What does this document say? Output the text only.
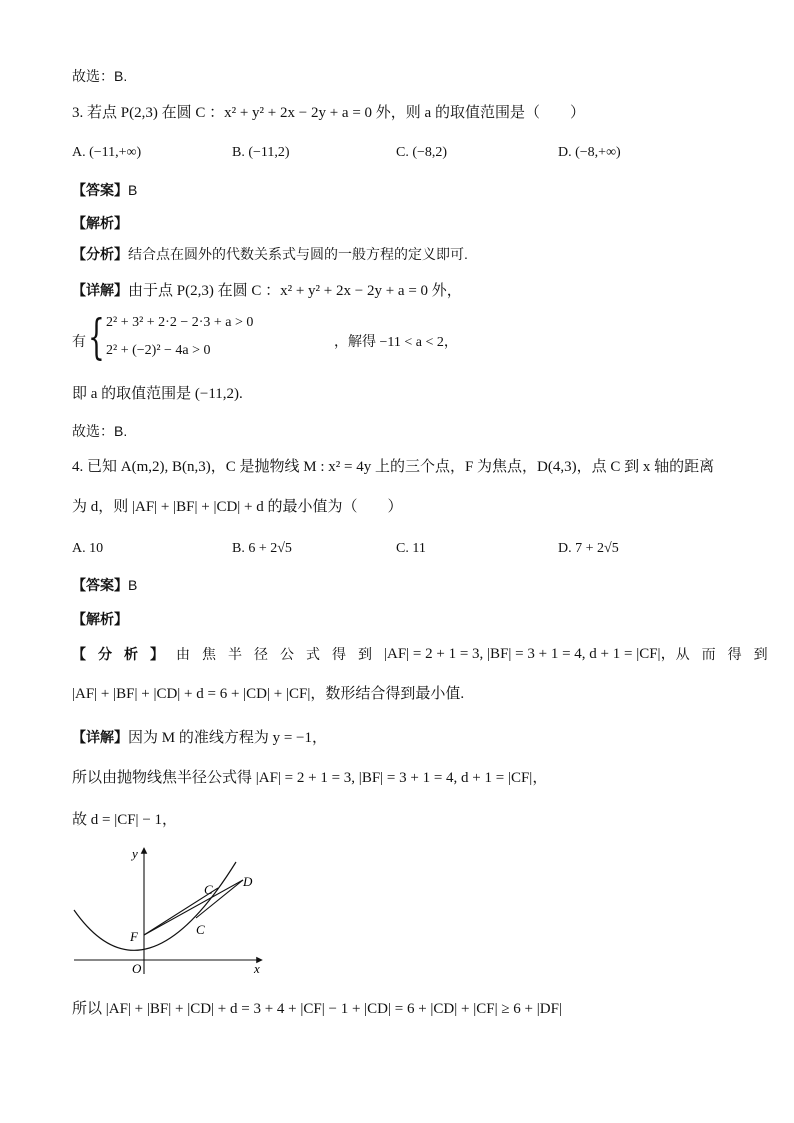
故选：B.
3. 若点 P(2,3) 在圆 C ：x² + y² + 2x − 2y + a = 0 外，则 a 的取值范围是（　　）
A. (−11,+∞)	B. (−11,2)	C. (−8,2)	D. (−8,+∞)
【答案】B
【解析】
【分析】结合点在圆外的代数关系式与圆的一般方程的定义即可.
【详解】由于点 P(2,3) 在圆 C ：x² + y² + 2x − 2y + a = 0 外，
有 { 2² + 3² + 2·2 − 2·3 + a > 0
2² + (−2)² − 4a > 0
，解得 −11 < a < 2，
即 a 的取值范围是 (−11,2).
故选：B.
4. 已知 A(m,2), B(n,3)，C 是抛物线 M : x² = 4y 上的三个点，F 为焦点，D(4,3)，点 C 到 x 轴的距离
为 d，则 |AF| + |BF| + |CD| + d 的最小值为（　　）
A. 10	B. 6 + 2√5	C. 11	D. 7 + 2√5
【答案】B
【解析】
【分析】由焦半径公式得到 |AF| = 2 + 1 = 3, |BF| = 3 + 1 = 4, d + 1 = |CF|， 从而得到
|AF| + |BF| + |CD| + d = 6 + |CD| + |CF|，数形结合得到最小值.
【详解】因为 M 的准线方程为 y = −1，
所以由抛物线焦半径公式得 |AF| = 2 + 1 = 3, |BF| = 3 + 1 = 4, d + 1 = |CF|，
故 d = |CF| − 1，
y
x
O
F
C
C
D
所以 |AF| + |BF| + |CD| + d = 3 + 4 + |CF| − 1 + |CD| = 6 + |CD| + |CF| ≥ 6 + |DF|
